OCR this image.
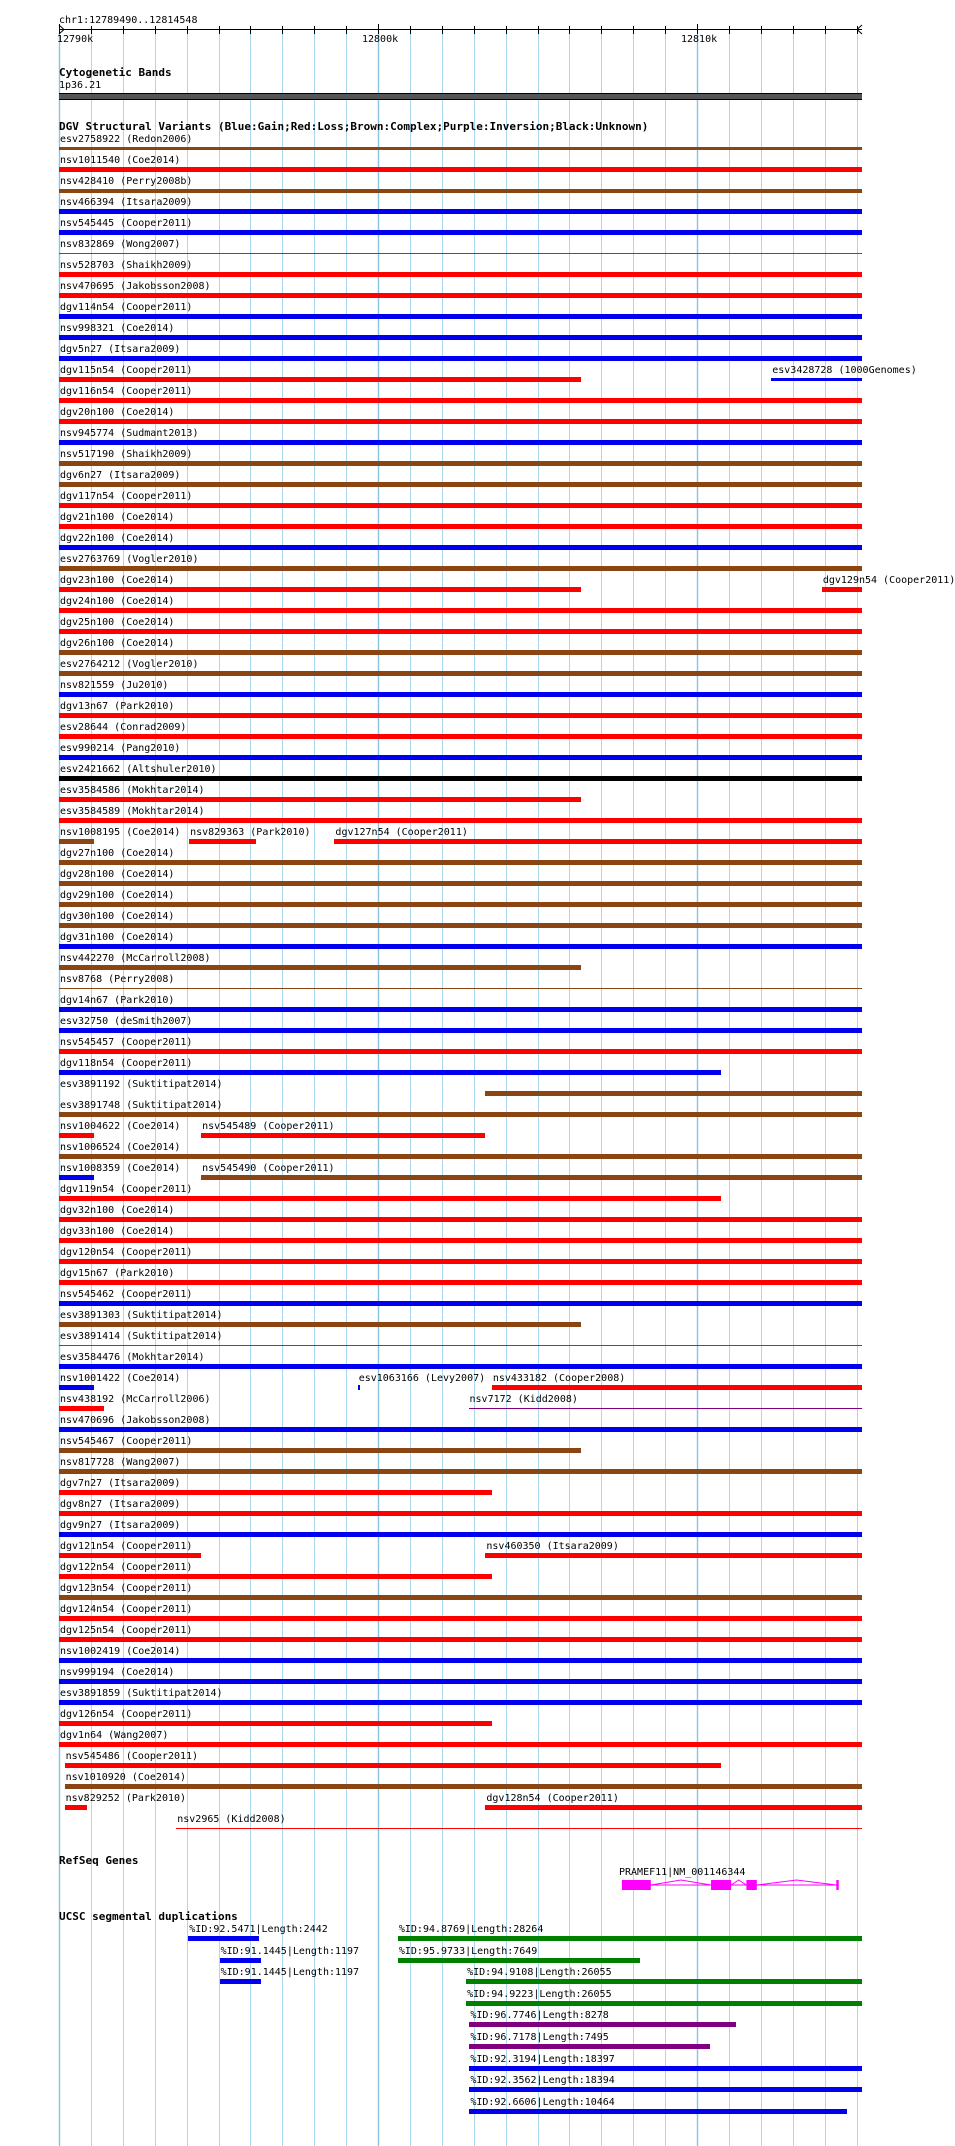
chr1:12789490..12814548
12790k	12800k	12810k
Cytogenetic Bands
1p36.21
DGV Structural Variants (Blue:Gain;Red:Loss;Brown:Complex;Purple:Inversion;Black:Unknown)
esv2758922 (Redon2006)
nsv1011540 (Coe2014)
nsv428410 (Perry2008b)
nsv466394 (Itsara2009)
nsv545445 (Cooper2011)
nsv832869 (Wong2007)
nsv528703 (Shaikh2009)
nsv470695 (Jakobsson2008)
dgv114n54 (Cooper2011)
nsv998321 (Coe2014)
dgv5n27 (Itsara2009)
dgv115n54 (Cooper2011)	esv3428728 (1000Genomes)
dgv116n54 (Cooper2011)
dgv20n100 (Coe2014)
nsv945774 (Sudmant2013)
nsv517190 (Shaikh2009)
dgv6n27 (Itsara2009)
dgv117n54 (Cooper2011)
dgv21n100 (Coe2014)
dgv22n100 (Coe2014)
esv2763769 (Vogler2010)
dgv23n100 (Coe2014)	dgv129n54 (Cooper2011)
dgv24n100 (Coe2014)
dgv25n100 (Coe2014)
dgv26n100 (Coe2014)
esv2764212 (Vogler2010)
nsv821559 (Ju2010)
dgv13n67 (Park2010)
esv28644 (Conrad2009)
esv990214 (Pang2010)
esv2421662 (Altshuler2010)
esv3584586 (Mokhtar2014)
esv3584589 (Mokhtar2014)
nsv1008195 (Coe2014) nsv829363 (Park2010) dgv127n54 (Cooper2011)
dgv27n100 (Coe2014)
dgv28n100 (Coe2014)
dgv29n100 (Coe2014)
dgv30n100 (Coe2014)
dgv31n100 (Coe2014)
nsv442270 (McCarroll2008)
nsv8768 (Perry2008)
dgv14n67 (Park2010)
esv32750 (deSmith2007)
nsv545457 (Cooper2011)
dgv118n54 (Cooper2011)
esv3891192 (Suktitipat2014)
esv3891748 (Suktitipat2014)
nsv1004622 (Coe2014) nsv545489 (Cooper2011)
nsv1006524 (Coe2014)
nsv1008359 (Coe2014) nsv545490 (Cooper2011)
dgv119n54 (Cooper2011)
dgv32n100 (Coe2014)
dgv33n100 (Coe2014)
dgv120n54 (Cooper2011)
dgv15n67 (Park2010)
nsv545462 (Cooper2011)
esv3891303 (Suktitipat2014)
esv3891414 (Suktitipat2014)
esv3584476 (Mokhtar2014)
nsv1001422 (Coe2014)	esv1063166 (Levy2007) nsv433182 (Cooper2008)
nsv438192 (McCarroll2006)	nsv7172 (Kidd2008)
nsv470696 (Jakobsson2008)
nsv545467 (Cooper2011)
nsv817728 (Wang2007)
dgv7n27 (Itsara2009)
dgv8n27 (Itsara2009)
dgv9n27 (Itsara2009)
dgv121n54 (Cooper2011)	nsv460350 (Itsara2009)
dgv122n54 (Cooper2011)
dgv123n54 (Cooper2011)
dgv124n54 (Cooper2011)
dgv125n54 (Cooper2011)
nsv1002419 (Coe2014)
nsv999194 (Coe2014)
esv3891859 (Suktitipat2014)
dgv126n54 (Cooper2011)
dgv1n64 (Wang2007)
nsv545486 (Cooper2011)
nsv1010920 (Coe2014)
nsv829252 (Park2010)	dgv128n54 (Cooper2011)
nsv2965 (Kidd2008)
RefSeq Genes
PRAMEF11|NM_001146344
UCSC segmental duplications
%ID:92.5471|Length:2442	%ID:94.8769|Length:28264
%ID:91.1445|Length:1197	%ID:95.9733|Length:7649
%ID:91.1445|Length:1197	%ID:94.9108|Length:26055
%ID:94.9223|Length:26055
%ID:96.7746|Length:8278
%ID:96.7178|Length:7495
%ID:92.3194|Length:18397
%ID:92.3562|Length:18394
%ID:92.6606|Length:10464
